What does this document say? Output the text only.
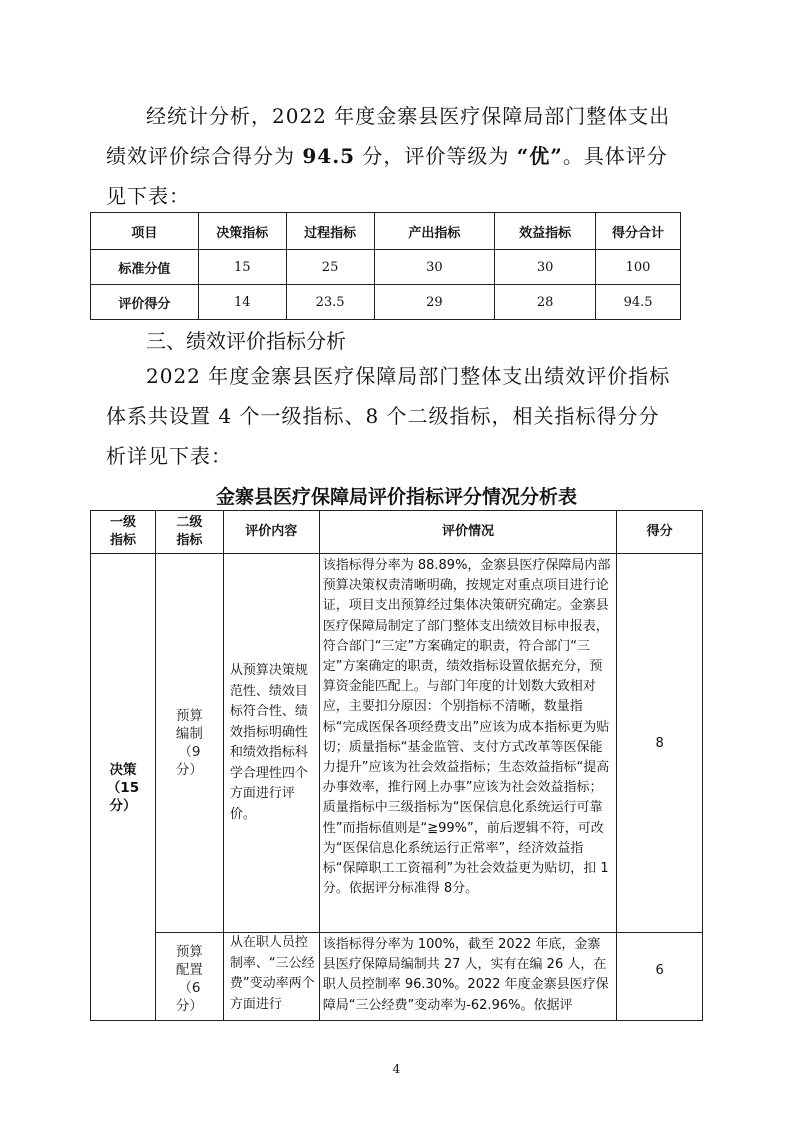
经统计分析，2022 年度金寨县医疗保障局部门整体支出绩效评价综合得分为 94.5 分，评价等级为 “优”。具体评分见下表：

项目	决策指标	过程指标	产出指标	效益指标	得分合计
标准分值	15	25	30	30	100
评价得分	14	23.5	29	28	94.5

三、绩效评价指标分析

2022 年度金寨县医疗保障局部门整体支出绩效评价指标体系共设置 4 个一级指标、8 个二级指标，相关指标得分分析详见下表：

金寨县医疗保障局评价指标评分情况分析表

一级指标	二级指标	评价内容	评价情况	得分
决策（15分）	预算编制（9分）	从预算决策规范性、绩效目标符合性、绩效指标明确性和绩效指标科学合理性四个方面进行评价。	该指标得分率为 88.89%，金寨县医疗保障局内部预算决策权责清晰明确，按规定对重点项目进行论证，项目支出预算经过集体决策研究确定。金寨县医疗保障局制定了部门整体支出绩效目标申报表，符合部门“三定”方案确定的职责，符合部门“三定”方案确定的职责，绩效指标设置依据充分，预算资金能匹配上。与部门年度的计划数大致相对应，主要扣分原因：个别指标不清晰，数量指标“完成医保各项经费支出”应该为成本指标更为贴切；质量指标“基金监管、支付方式改革等医保能力提升”应该为社会效益指标；生态效益指标“提高办事效率，推行网上办事”应该为社会效益指标；质量指标中三级指标为“医保信息化系统运行可靠性”而指标值则是“≧99%”，前后逻辑不符，可改为“医保信息化系统运行正常率”，经济效益指标“保障职工工资福利”为社会效益更为贴切，扣 1分。依据评分标准得 8分。	8
	预算配置（6分）	从在职人员控制率、“三公经费”变动率两个方面进行	该指标得分率为 100%，截至 2022 年底，金寨县医疗保障局编制共 27 人，实有在编 26 人，在职人员控制率 96.30%。2022 年度金寨县医疗保障局“三公经费”变动率为-62.96%。依据评	6
4
